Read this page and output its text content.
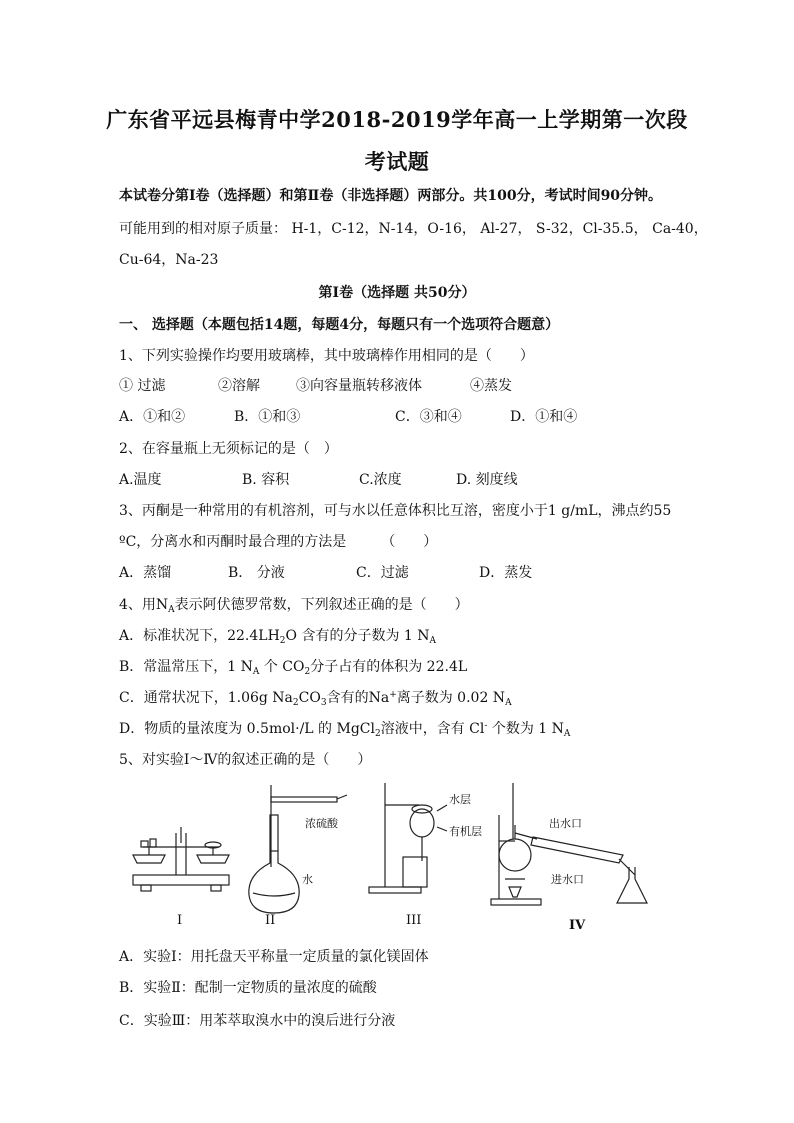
广东省平远县梅青中学2018-2019学年高一上学期第一次段
考试题
本试卷分第Ⅰ卷（选择题）和第Ⅱ卷（非选择题）两部分。共100分，考试时间90分钟。
可能用到的相对原子质量： H-1，C-12，N-14，O-16， Al-27， S-32，Cl-35.5， Ca-40，
Cu-64，Na-23
第Ⅰ卷（选择题 共50分）
一、 选择题（本题包括14题，每题4分，每题只有一个选项符合题意）
1、下列实验操作均要用玻璃棒，其中玻璃棒作用相同的是（　　）
① 过滤	②溶解	③向容量瓶转移液体	④蒸发
A．①和②	B．①和③	C．③和④	D．①和④
2、在容量瓶上无须标记的是（　）
A.温度	B. 容积	C.浓度	D. 刻度线
3、丙酮是一种常用的有机溶剂，可与水以任意体积比互溶，密度小于1 g/mL，沸点约55
ºC，分离水和丙酮时最合理的方法是　　　（　　）
A．蒸馏	B． 分液	C．过滤	D．蒸发
4、用$N_A$表示阿伏德罗常数，下列叙述正确的是（　　）
A．标准状况下，$22.4LH_2O$ 含有的分子数为 1 $N_A$
B．常温常压下，1 $N_A$ 个 $CO_2$分子占有的体积为 22.4L
C．通常状况下，1.06g $Na_2CO_3$含有的Na+离子数为 0.02 $N_A$
D．物质的量浓度为 0.5mol·/L 的 MgCl$_2$溶液中，含有 Cl- 个数为 1 $N_A$
5、对实验Ⅰ～Ⅳ的叙述正确的是（　　）
浓硫酸
水
水层
有机层
出水口
进水口
I	II	III	IV
A．实验Ⅰ：用托盘天平称量一定质量的氯化镁固体
B．实验Ⅱ：配制一定物质的量浓度的硫酸
C．实验Ⅲ：用苯萃取溴水中的溴后进行分液
